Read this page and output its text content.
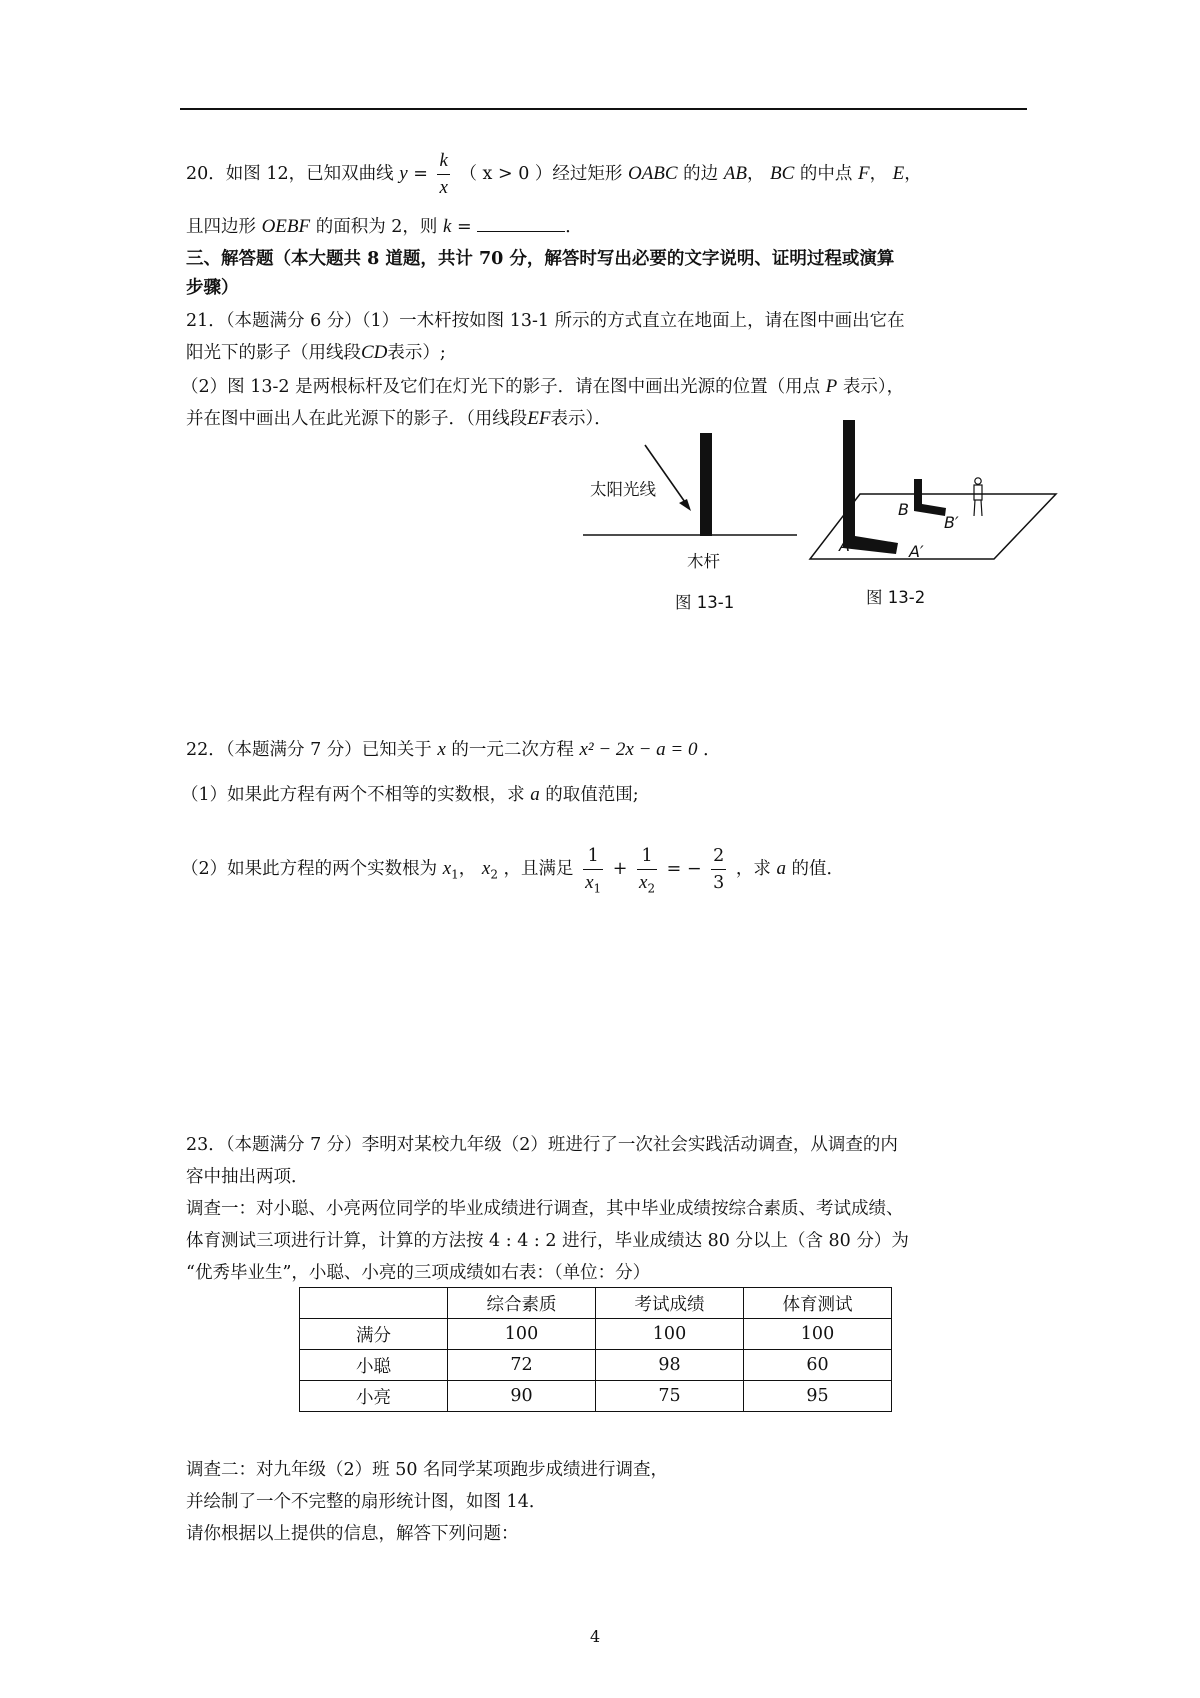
20．如图 12，已知双曲线 $y = \frac{k}{x}$ （ x > 0 ）经过矩形 OABC 的边 AB， BC 的中点 F， E，
且四边形 OEBF 的面积为 2，则 k =	．
三、解答题（本大题共 8 道题，共计 70 分，解答时写出必要的文字说明、证明过程或演算
步骤）
21．（本题满分 6 分）（1）一木杆按如图 13-1 所示的方式直立在地面上，请在图中画出它在
阳光下的影子（用线段CD表示）;
（2）图 13-2 是两根标杆及它们在灯光下的影子．请在图中画出光源的位置（用点 P 表示），
并在图中画出人在此光源下的影子．（用线段EF表示）．
太阳光线
木杆
图 13-1
B
B′
A	A′
图 13-2
22．（本题满分 7 分）已知关于 x 的一元二次方程 x² − 2x − a = 0 ．
（1）如果此方程有两个不相等的实数根，求 a 的取值范围;
（2）如果此方程的两个实数根为 $x_1$， $x_2$ ，且满足 $\frac{1}{x_1} + \frac{1}{x_2}$ = − $\frac{2}{3}$ ，求 a 的值．
23．（本题满分 7 分）李明对某校九年级（2）班进行了一次社会实践活动调查，从调查的内
容中抽出两项．
调查一：对小聪、小亮两位同学的毕业成绩进行调查，其中毕业成绩按综合素质、考试成绩、
体育测试三项进行计算，计算的方法按 4 : 4 : 2 进行，毕业成绩达 80 分以上（含 80 分）为
“优秀毕业生”，小聪、小亮的三项成绩如右表：（单位：分）
	综合素质	考试成绩	体育测试
满分	100	100	100
小聪	72	98	60
小亮	90	75	95
调查二：对九年级（2）班 50 名同学某项跑步成绩进行调查，
并绘制了一个不完整的扇形统计图，如图 14．
请你根据以上提供的信息，解答下列问题：
4
